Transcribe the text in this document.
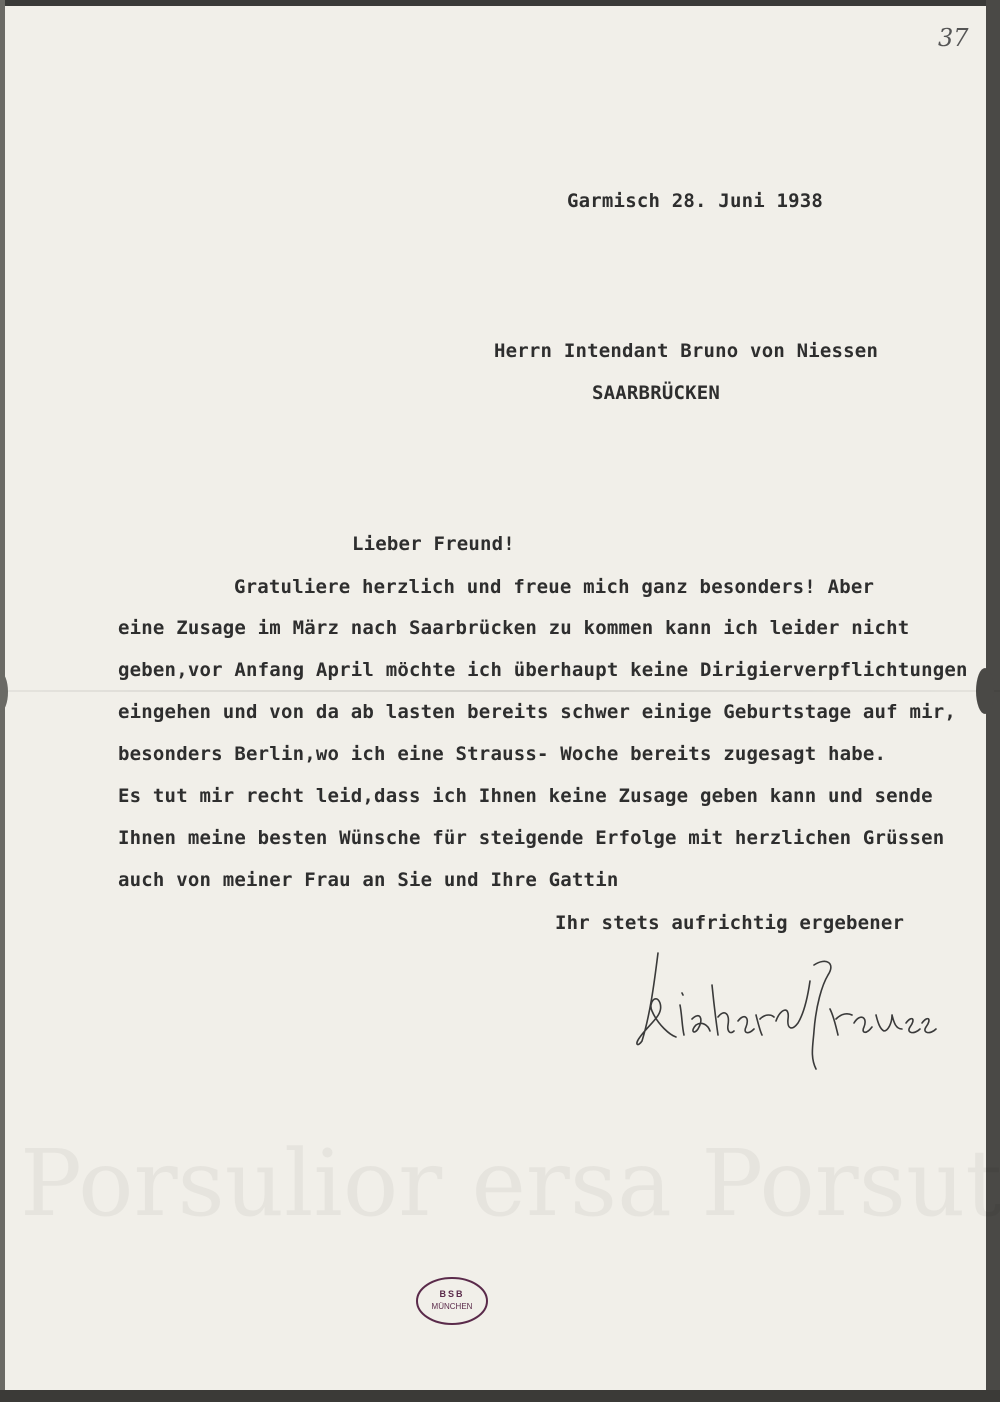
37
Garmisch 28. Juni 1938
Herrn Intendant Bruno von Niessen
SAARBRÜCKEN
Lieber Freund!
Gratuliere herzlich und freue mich ganz besonders! Aber
eine Zusage im März nach Saarbrücken zu kommen kann ich leider nicht
geben,vor Anfang April möchte ich überhaupt keine Dirigierverpflichtungen
eingehen und von da ab lasten bereits schwer einige Geburtstage auf mir,
besonders Berlin,wo ich eine Strauss- Woche bereits zugesagt habe.
Es tut mir recht leid,dass ich Ihnen keine Zusage geben kann und sende
Ihnen meine besten Wünsche für steigende Erfolge mit herzlichen Grüssen
auch von meiner Frau an Sie und Ihre Gattin
Ihr stets aufrichtig ergebener
BSB
MÜNCHEN
